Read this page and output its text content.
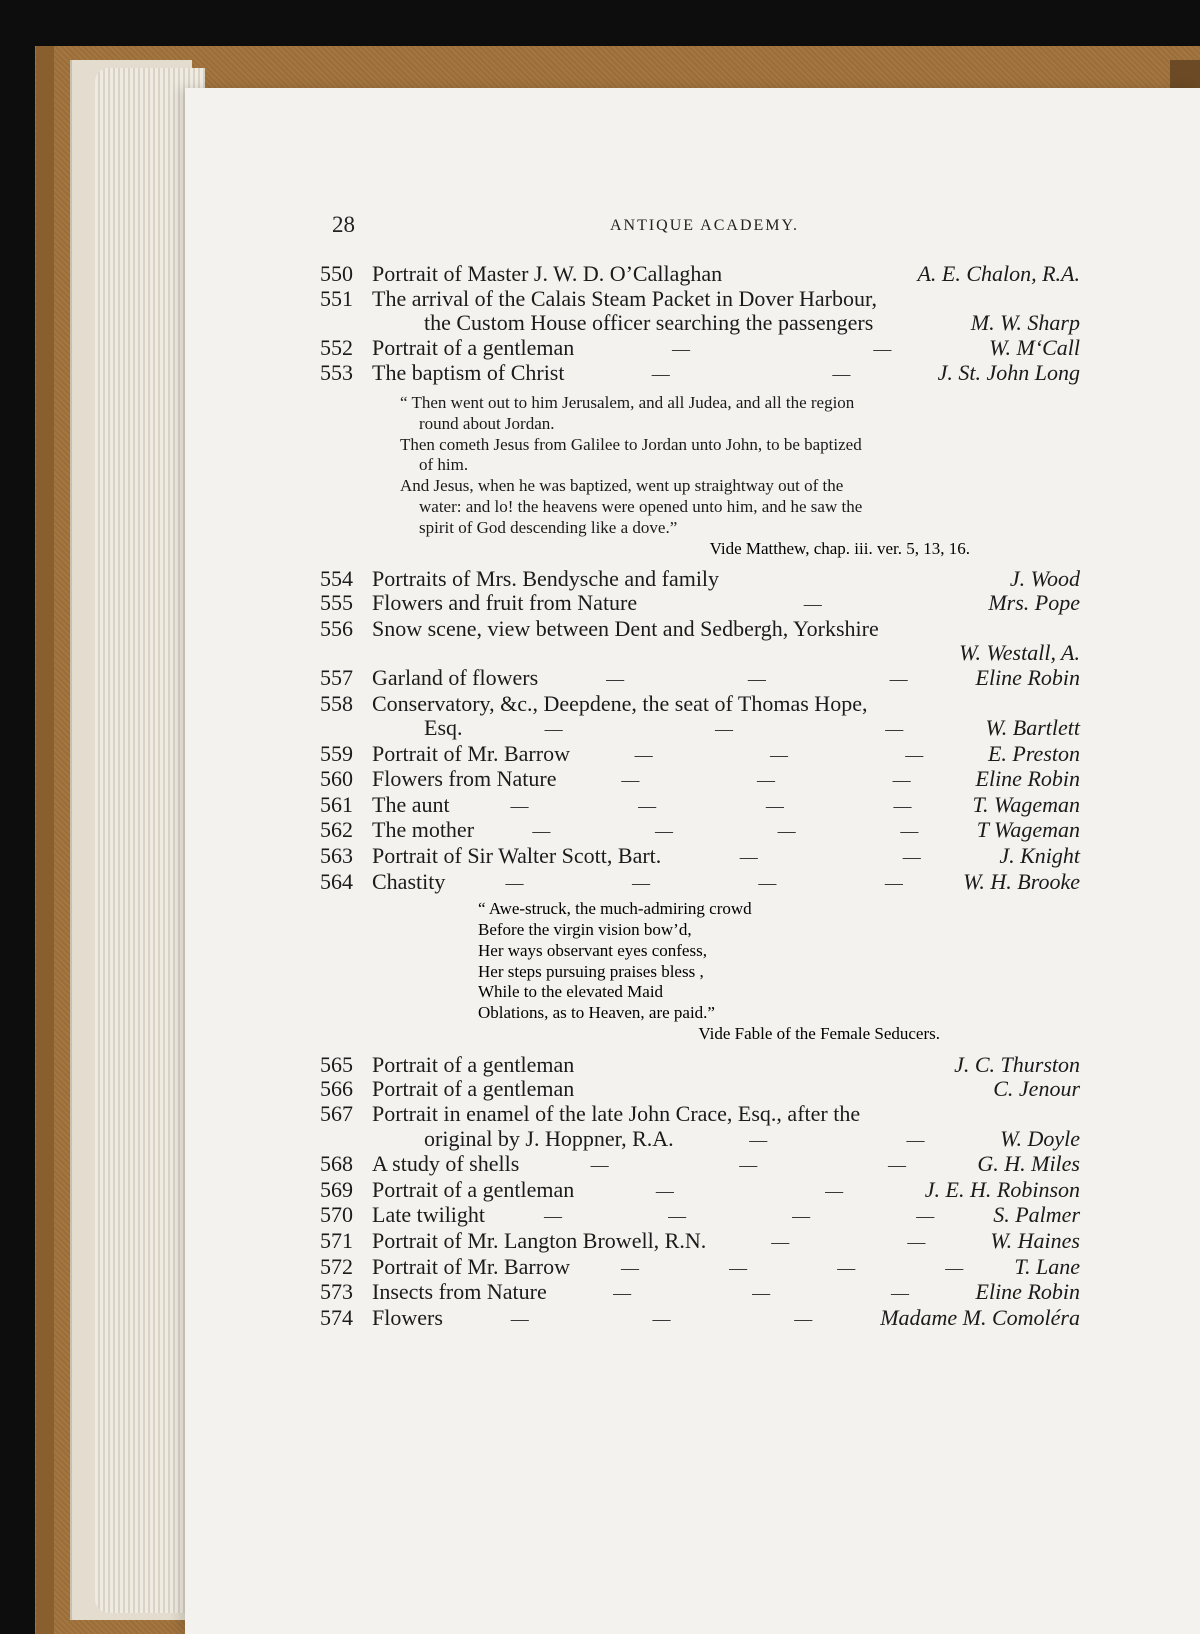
28	ANTIQUE ACADEMY.
550 Portrait of Master J. W. D. O’Callaghan	A. E. Chalon, R.A.
551 The arrival of the Calais Steam Packet in Dover Harbour,
the Custom House officer searching the passengers	M. W. Sharp
552 Portrait of a gentleman	—	—	W. M‘Call
553 The baptism of Christ	—	—	J. St. John Long
“ Then went out to him Jerusalem, and all Judea, and all the region
round about Jordan.
Then cometh Jesus from Galilee to Jordan unto John, to be baptized
of him.
And Jesus, when he was baptized, went up straightway out of the
water: and lo! the heavens were opened unto him, and he saw the
spirit of God descending like a dove.”
Vide Matthew, chap. iii. ver. 5, 13, 16.
554 Portraits of Mrs. Bendysche and family	J. Wood
555 Flowers and fruit from Nature	—	Mrs. Pope
556 Snow scene, view between Dent and Sedbergh, Yorkshire
W. Westall, A.
557 Garland of flowers	—	—	—	Eline Robin
558 Conservatory, &c., Deepdene, the seat of Thomas Hope,
Esq.	—	—	—	W. Bartlett
559 Portrait of Mr. Barrow	—	—	—	E. Preston
560 Flowers from Nature	—	—	—	Eline Robin
561 The aunt	—	—	—	—	T. Wageman
562 The mother	—	—	—	—	T Wageman
563 Portrait of Sir Walter Scott, Bart.	—	—	J. Knight
564 Chastity	—	—	—	—	W. H. Brooke
“ Awe-struck, the much-admiring crowd
Before the virgin vision bow’d,
Her ways observant eyes confess,
Her steps pursuing praises bless ,
While to the elevated Maid
Oblations, as to Heaven, are paid.”
Vide Fable of the Female Seducers.
565 Portrait of a gentleman	J. C. Thurston
566 Portrait of a gentleman	C. Jenour
567 Portrait in enamel of the late John Crace, Esq., after the
original by J. Hoppner, R.A.	—	—	W. Doyle
568 A study of shells	—	—	—	G. H. Miles
569 Portrait of a gentleman	—	—	J. E. H. Robinson
570 Late twilight	—	—	—	—	S. Palmer
571 Portrait of Mr. Langton Browell, R.N.	—	—	W. Haines
572 Portrait of Mr. Barrow	—	—	—	— T. Lane
573 Insects from Nature	—	—	—	Eline Robin
574 Flowers	—	—	—	Madame M. Comoléra
